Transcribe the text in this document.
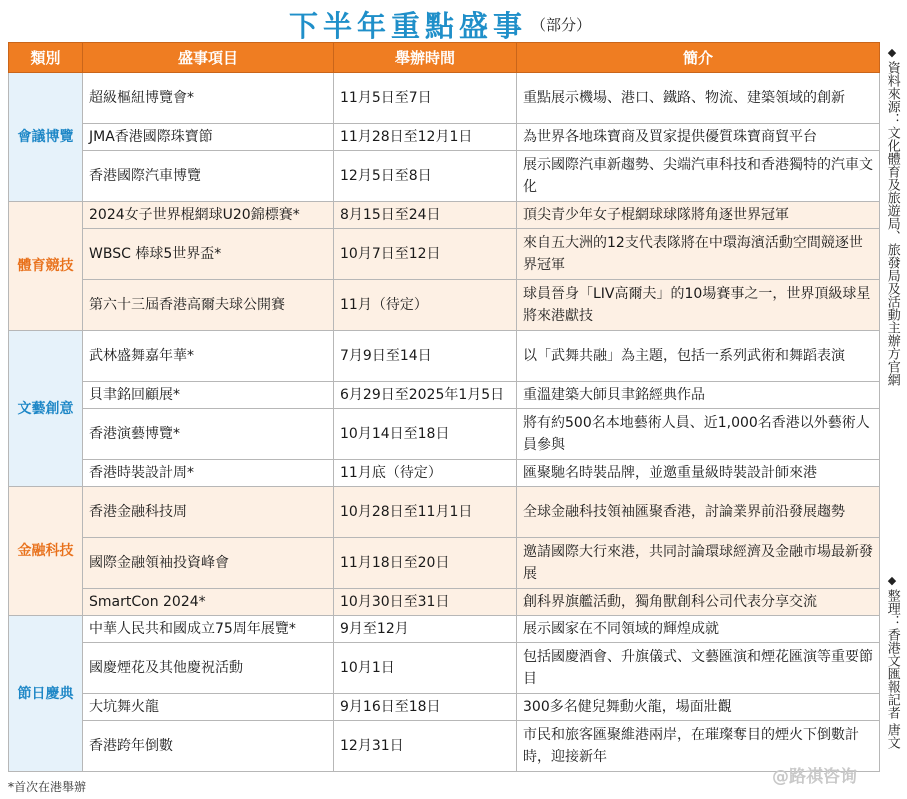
下半年重點盛事 （部分）
類別	盛事項目	舉辦時間	簡介
會議博覽	超級樞紐博覽會*	11月5日至7日	重點展示機場、港口、鐵路、物流、建築領域的創新
	JMA香港國際珠寶節	11月28日至12月1日	為世界各地珠寶商及買家提供優質珠寶商貿平台
	香港國際汽車博覽	12月5日至8日	展示國際汽車新趨勢、尖端汽車科技和香港獨特的汽車文化
體育競技	2024女子世界棍網球U20錦標賽*	8月15日至24日	頂尖青少年女子棍網球球隊將角逐世界冠軍
	WBSC 棒球5世界盃*	10月7日至12日	來自五大洲的12支代表隊將在中環海濱活動空間競逐世界冠軍
	第六十三屆香港高爾夫球公開賽	11月（待定）	球員晉身「LIV高爾夫」的10場賽事之一，世界頂級球星將來港獻技
文藝創意	武林盛舞嘉年華*	7月9日至14日	以「武舞共融」為主題，包括一系列武術和舞蹈表演
	貝聿銘回顧展*	6月29日至2025年1月5日	重溫建築大師貝聿銘經典作品
	香港演藝博覽*	10月14日至18日	將有約500名本地藝術人員、近1,000名香港以外藝術人員參與
	香港時裝設計周*	11月底（待定）	匯聚馳名時裝品牌，並邀重量級時裝設計師來港
金融科技	香港金融科技周	10月28日至11月1日	全球金融科技領袖匯聚香港，討論業界前沿發展趨勢
	國際金融領袖投資峰會	11月18日至20日	邀請國際大行來港，共同討論環球經濟及金融市場最新發展
	SmartCon 2024*	10月30日至31日	創科界旗艦活動，獨角獸創科公司代表分享交流
節日慶典	中華人民共和國成立75周年展覽*	9月至12月	展示國家在不同領域的輝煌成就
	國慶煙花及其他慶祝活動	10月1日	包括國慶酒會、升旗儀式、文藝匯演和煙花匯演等重要節目
	大坑舞火龍	9月16日至18日	300多名健兒舞動火龍，場面壯觀
	香港跨年倒數	12月31日	市民和旅客匯聚維港兩岸，在璀璨奪目的煙火下倒數計時，迎接新年
◆
資料來源：文化體育及旅遊局、旅發局及活動主辦方官網
◆
整理：香港文匯報記者 唐文
*首次在港舉辦	@路祺咨询
